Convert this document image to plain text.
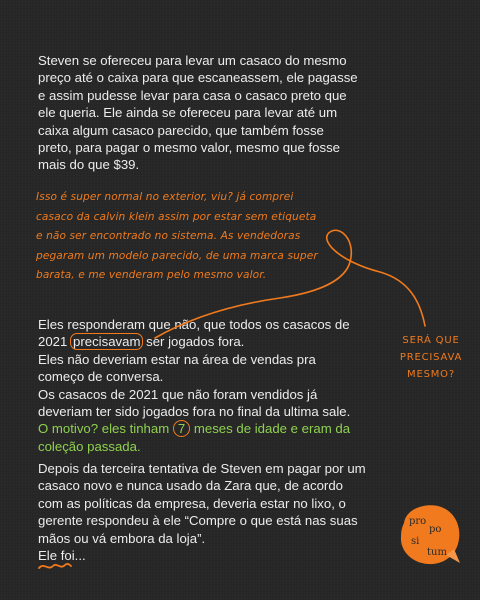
Steven se ofereceu para levar um casaco do mesmo
preço até o caixa para que escaneassem, ele pagasse
e assim pudesse levar para casa o casaco preto que
ele queria. Ele ainda se ofereceu para levar até um
caixa algum casaco parecido, que também fosse
preto, para pagar o mesmo valor, mesmo que fosse
mais do que $39.
Isso é super normal no exterior, viu? já comprei
casaco da calvin klein assim por estar sem etiqueta
e não ser encontrado no sistema. As vendedoras
pegaram um modelo parecido, de uma marca super
barata, e me venderam pelo mesmo valor.
Eles responderam que não, que todos os casacos de
2021 precisavam ser jogados fora.
Eles não deveriam estar na área de vendas pra
começo de conversa.
Os casacos de 2021 que não foram vendidos já
deveriam ter sido jogados fora no final da ultima sale.
O motivo? eles tinham 7 meses de idade e eram da
coleção passada.
Depois da terceira tentativa de Steven em pagar por um
casaco novo e nunca usado da Zara que, de acordo
com as políticas da empresa, deveria estar no lixo, o
gerente respondeu à ele “Compre o que está nas suas
mãos ou vá embora da loja”.
Ele foi...
SERÁ QUE
PRECISAVA
MESMO?
pro
po
si
tum
